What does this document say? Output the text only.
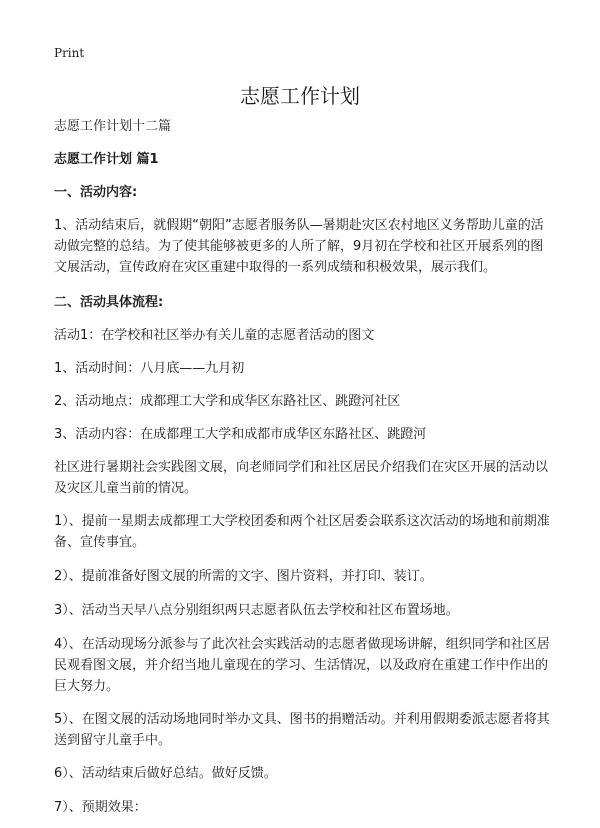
Print
志愿工作计划

志愿工作计划十二篇

志愿工作计划 篇1

一、活动内容:

1、活动结束后，就假期“朝阳”志愿者服务队—暑期赴灾区农村地区义务帮助儿童的活动做完整的总结。为了使其能够被更多的人所了解，9月初在学校和社区开展系列的图文展活动，宣传政府在灾区重建中取得的一系列成绩和积极效果，展示我们。

二、活动具体流程:

活动1：在学校和社区举办有关儿童的志愿者活动的图文

1、活动时间：八月底——九月初

2、活动地点：成都理工大学和成华区东路社区、跳蹬河社区

3、活动内容：在成都理工大学和成都市成华区东路社区、跳蹬河

社区进行暑期社会实践图文展，向老师同学们和社区居民介绍我们在灾区开展的活动以及灾区儿童当前的情况。

1）、提前一星期去成都理工大学校团委和两个社区居委会联系这次活动的场地和前期准备、宣传事宜。

2）、提前准备好图文展的所需的文字、图片资料，并打印、装订。

3）、活动当天早八点分别组织两只志愿者队伍去学校和社区布置场地。

4）、在活动现场分派参与了此次社会实践活动的志愿者做现场讲解，组织同学和社区居民观看图文展，并介绍当地儿童现在的学习、生活情况，以及政府在重建工作中作出的巨大努力。

5）、在图文展的活动场地同时举办文具、图书的捐赠活动。并利用假期委派志愿者将其送到留守儿童手中。

6）、活动结束后做好总结。做好反馈。

7）、预期效果：
